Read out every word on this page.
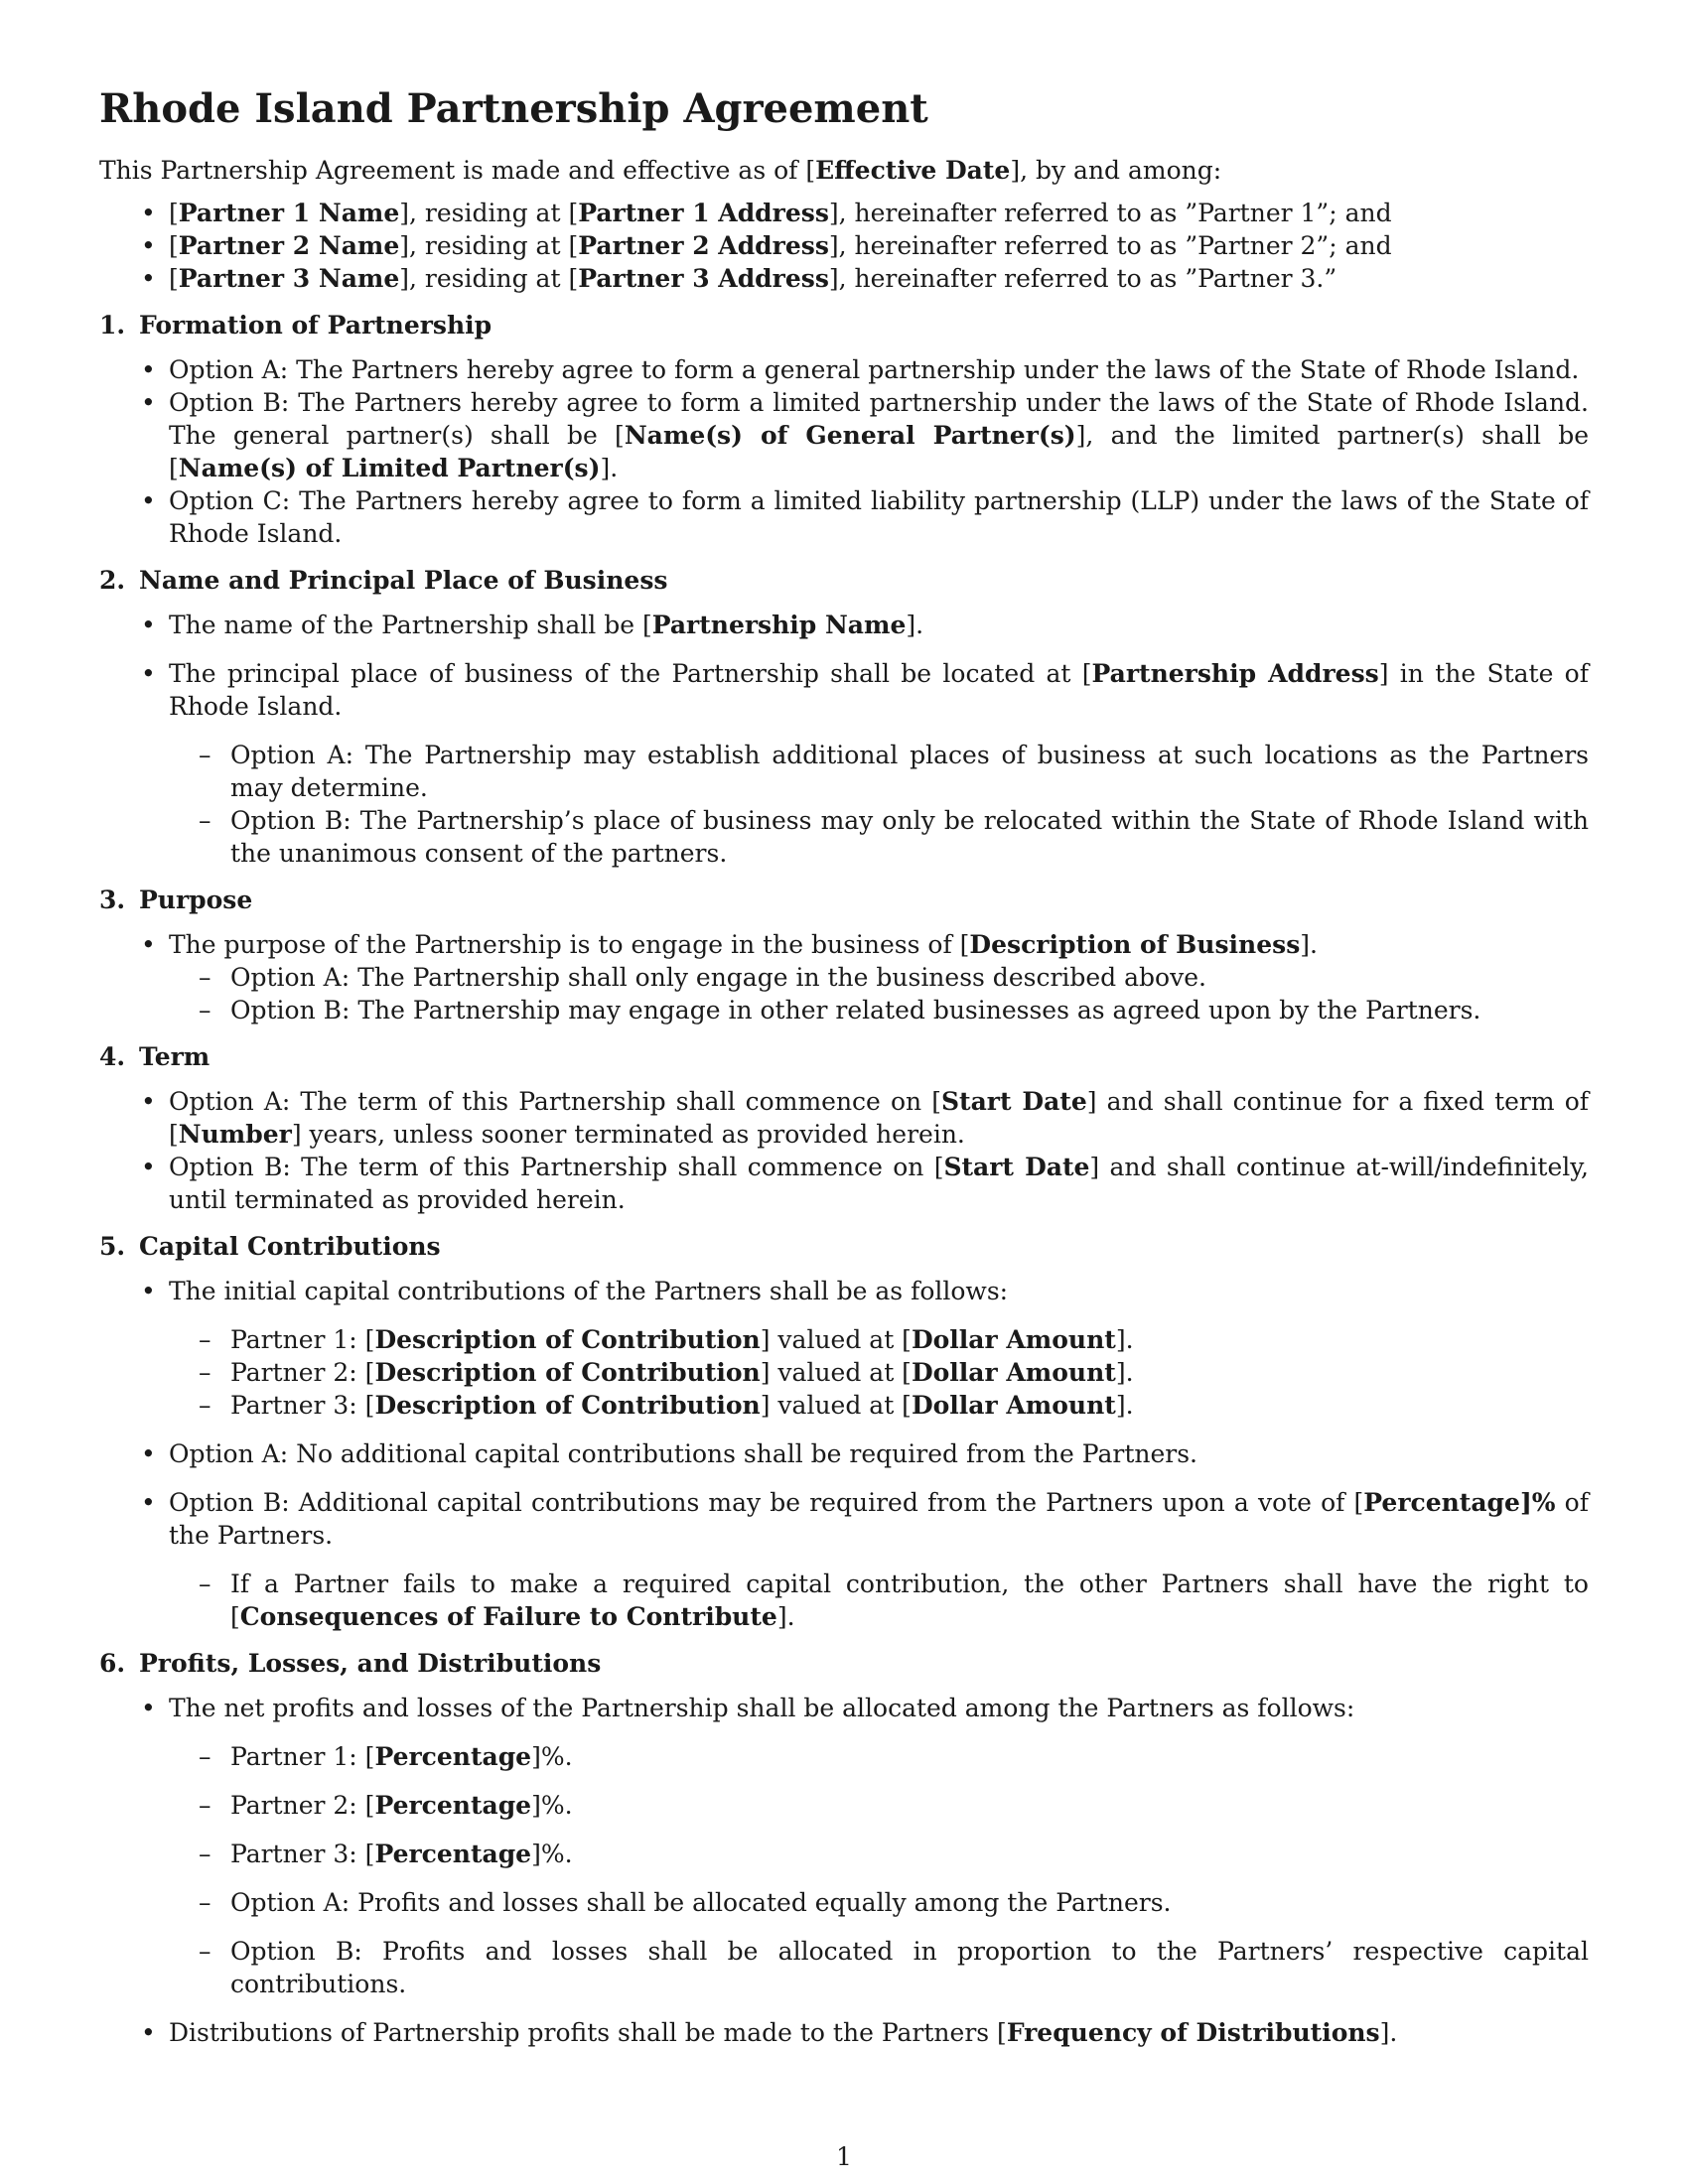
Rhode Island Partnership Agreement

This Partnership Agreement is made and effective as of [Effective Date], by and among:

• [Partner 1 Name], residing at [Partner 1 Address], hereinafter referred to as ”Partner 1”; and
• [Partner 2 Name], residing at [Partner 2 Address], hereinafter referred to as ”Partner 2”; and
• [Partner 3 Name], residing at [Partner 3 Address], hereinafter referred to as ”Partner 3.”
1. Formation of Partnership
• Option A: The Partners hereby agree to form a general partnership under the laws of the State of Rhode Island.
• Option B: The Partners hereby agree to form a limited partnership under the laws of the State of Rhode Island. The general partner(s) shall be [Name(s) of General Partner(s)], and the limited partner(s) shall be [Name(s) of Limited Partner(s)].
• Option C: The Partners hereby agree to form a limited liability partnership (LLP) under the laws of the State of Rhode Island.
2. Name and Principal Place of Business
• The name of the Partnership shall be [Partnership Name].
• The principal place of business of the Partnership shall be located at [Partnership Address] in the State of Rhode Island.
– Option A: The Partnership may establish additional places of business at such locations as the Partners may determine.
– Option B: The Partnership’s place of business may only be relocated within the State of Rhode Island with the unanimous consent of the partners.
3. Purpose
• The purpose of the Partnership is to engage in the business of [Description of Business].
– Option A: The Partnership shall only engage in the business described above.
– Option B: The Partnership may engage in other related businesses as agreed upon by the Partners.
4. Term
• Option A: The term of this Partnership shall commence on [Start Date] and shall continue for a fixed term of [Number] years, unless sooner terminated as provided herein.
• Option B: The term of this Partnership shall commence on [Start Date] and shall continue at-will/indefinitely, until terminated as provided herein.
5. Capital Contributions
• The initial capital contributions of the Partners shall be as follows:
– Partner 1: [Description of Contribution] valued at [Dollar Amount].
– Partner 2: [Description of Contribution] valued at [Dollar Amount].
– Partner 3: [Description of Contribution] valued at [Dollar Amount].
• Option A: No additional capital contributions shall be required from the Partners.
• Option B: Additional capital contributions may be required from the Partners upon a vote of [Percentage]% of the Partners.
– If a Partner fails to make a required capital contribution, the other Partners shall have the right to [Consequences of Failure to Contribute].
6. Profits, Losses, and Distributions
• The net profits and losses of the Partnership shall be allocated among the Partners as follows:
– Partner 1: [Percentage]%.
– Partner 2: [Percentage]%.
– Partner 3: [Percentage]%.
– Option A: Profits and losses shall be allocated equally among the Partners.
– Option B: Profits and losses shall be allocated in proportion to the Partners’ respective capital contributions.
• Distributions of Partnership profits shall be made to the Partners [Frequency of Distributions].
1
